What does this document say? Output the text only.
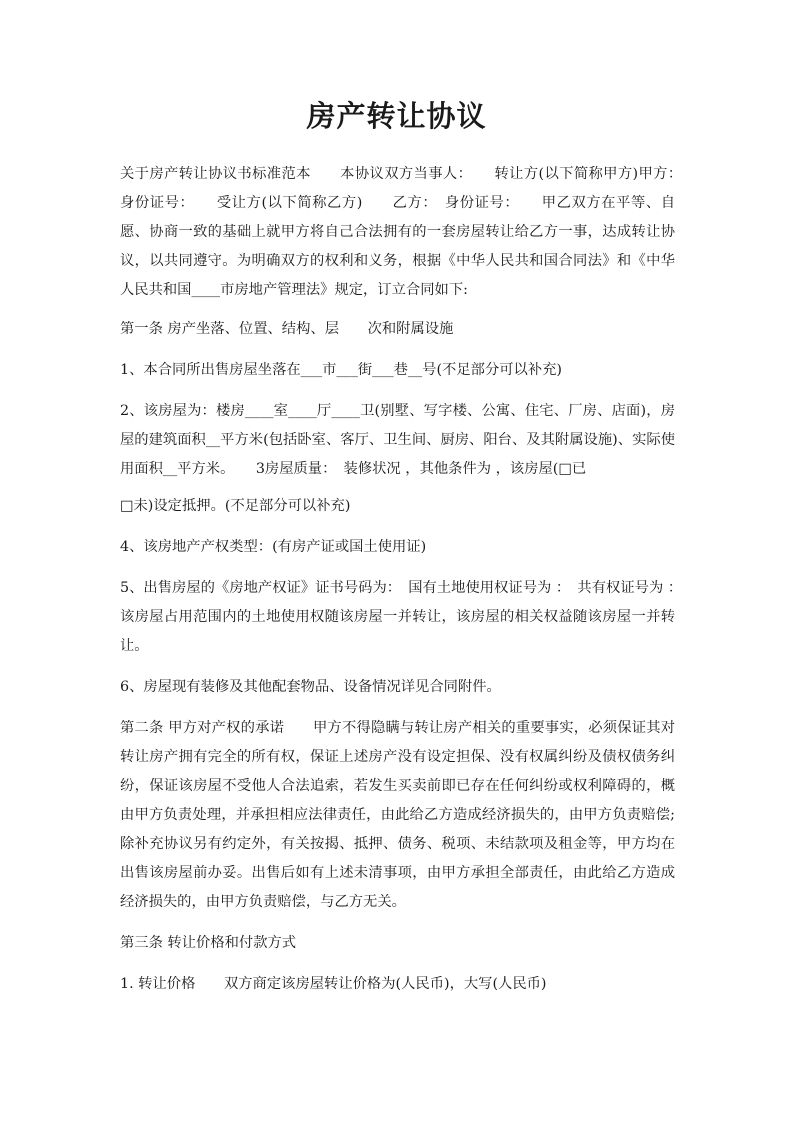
房产转让协议

关于房产转让协议书标准范本　　本协议双方当事人：　　转让方(以下简称甲方)甲方：　身份证号：　　受让方(以下简称乙方)　　乙方：　身份证号：　　甲乙双方在平等、自愿、协商一致的基础上就甲方将自己合法拥有的一套房屋转让给乙方一事，达成转让协议，以共同遵守。为明确双方的权利和义务，根据《中华人民共和国合同法》和《中华人民共和国____市房地产管理法》规定，订立合同如下:

第一条 房产坐落、位置、结构、层　　次和附属设施

1、本合同所出售房屋坐落在___市___街___巷__号(不足部分可以补充)

2、该房屋为：楼房____室____厅____卫(别墅、写字楼、公寓、住宅、厂房、店面)，房屋的建筑面积__平方米(包括卧室、客厅、卫生间、厨房、阳台、及其附属设施)、实际使用面积__平方米。　　3房屋质量：　装修状况 ，其他条件为 ，该房屋(□已

□未)设定抵押。(不足部分可以补充)

4、该房地产产权类型：(有房产证或国土使用证)

5、出售房屋的《房地产权证》证书号码为：　国有土地使用权证号为 ：　共有权证号为 ：　该房屋占用范围内的土地使用权随该房屋一并转让，该房屋的相关权益随该房屋一并转让。

6、房屋现有装修及其他配套物品、设备情况详见合同附件。

第二条 甲方对产权的承诺　　甲方不得隐瞒与转让房产相关的重要事实，必须保证其对转让房产拥有完全的所有权，保证上述房产没有设定担保、没有权属纠纷及债权债务纠纷，保证该房屋不受他人合法追索，若发生买卖前即已存在任何纠纷或权利障碍的，概由甲方负责处理，并承担相应法律责任，由此给乙方造成经济损失的，由甲方负责赔偿;除补充协议另有约定外，有关按揭、抵押、债务、税项、未结款项及租金等，甲方均在出售该房屋前办妥。出售后如有上述未清事项，由甲方承担全部责任，由此给乙方造成经济损失的，由甲方负责赔偿，与乙方无关。

第三条 转让价格和付款方式

1. 转让价格　　双方商定该房屋转让价格为(人民币)，大写(人民币)
